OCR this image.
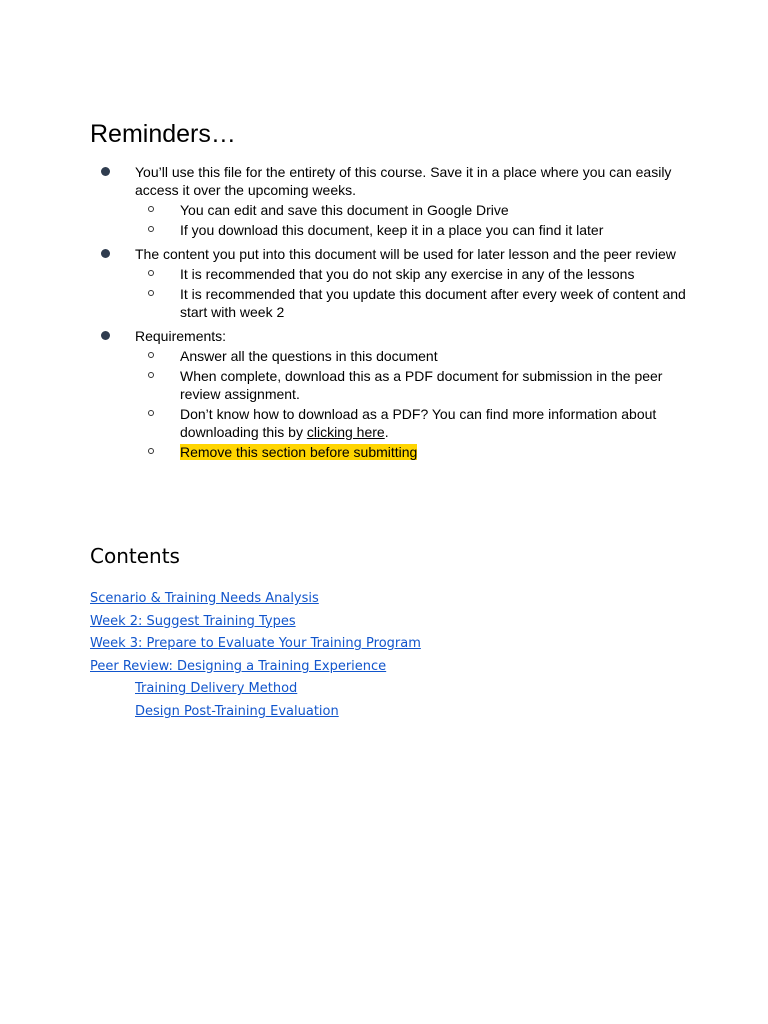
Reminders…
You’ll use this file for the entirety of this course. Save it in a place where you can easily access it over the upcoming weeks.
You can edit and save this document in Google Drive
If you download this document, keep it in a place you can find it later
The content you put into this document will be used for later lesson and the peer review
It is recommended that you do not skip any exercise in any of the lessons
It is recommended that you update this document after every week of content and start with week 2
Requirements:
Answer all the questions in this document
When complete, download this as a PDF document for submission in the peer review assignment.
Don’t know how to download as a PDF? You can find more information about downloading this by clicking here.
Remove this section before submitting
Contents
Scenario & Training Needs Analysis
Week 2: Suggest Training Types
Week 3: Prepare to Evaluate Your Training Program
Peer Review: Designing a Training Experience
Training Delivery Method
Design Post-Training Evaluation
